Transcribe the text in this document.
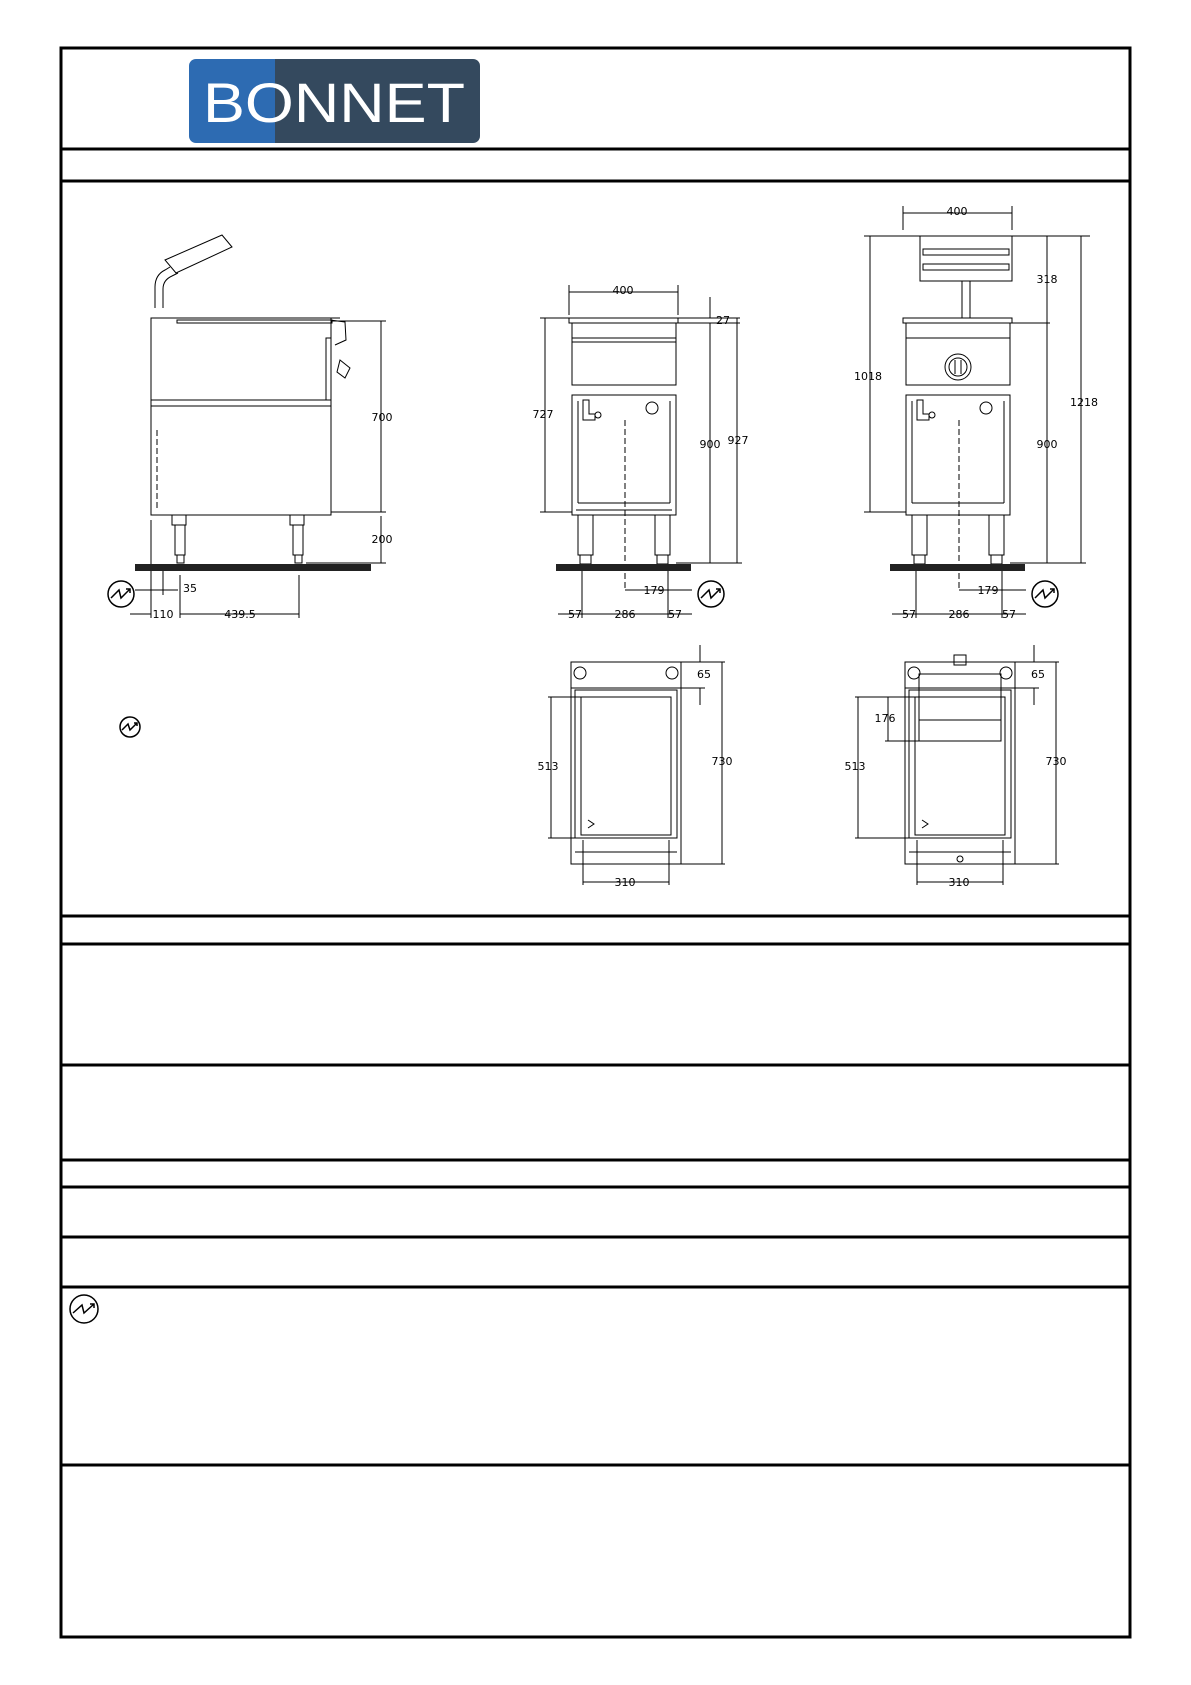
BONNET
700
200
35
110	439.5
400
27
727
900 927
179
57	286	57
400
318
1018
1218
900
179
57	286	57
65
513	730
310
65
176
513	730
310
